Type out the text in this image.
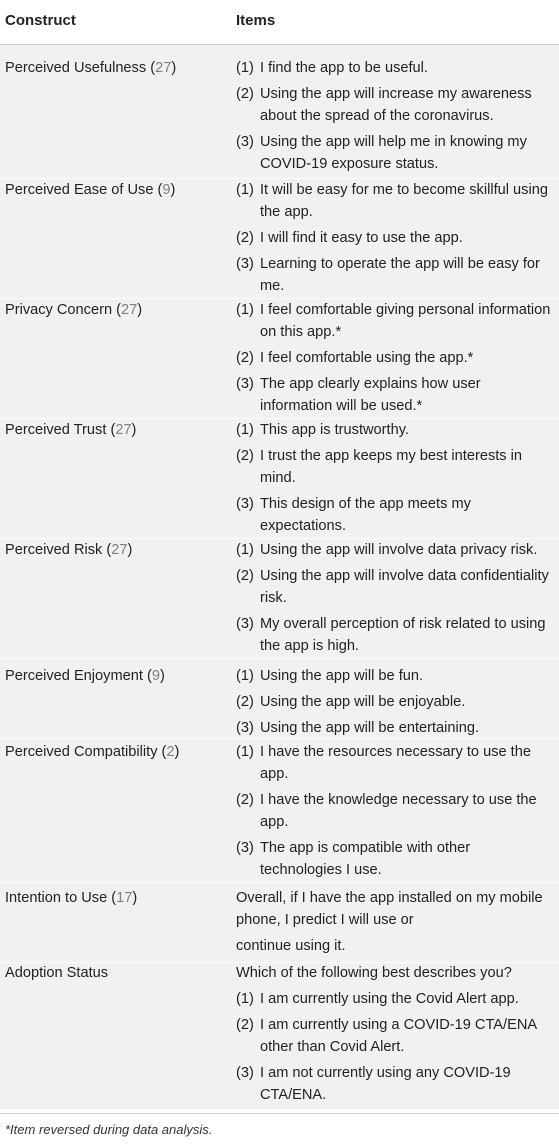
Construct	Items
Perceived Usefulness (27)	(1) I find the app to be useful.
(2) Using the app will increase my awareness about the spread of the coronavirus.
(3) Using the app will help me in knowing my COVID-19 exposure status.
Perceived Ease of Use (9)	(1) It will be easy for me to become skillful using the app.
(2) I will find it easy to use the app.
(3) Learning to operate the app will be easy for me.
Privacy Concern (27)	(1) I feel comfortable giving personal information on this app.*
(2) I feel comfortable using the app.*
(3) The app clearly explains how user information will be used.*
Perceived Trust (27)	(1) This app is trustworthy.
(2) I trust the app keeps my best interests in mind.
(3) This design of the app meets my expectations.
Perceived Risk (27)	(1) Using the app will involve data privacy risk.
(2) Using the app will involve data confidentiality risk.
(3) My overall perception of risk related to using the app is high.
Perceived Enjoyment (9)	(1) Using the app will be fun.
(2) Using the app will be enjoyable.
(3) Using the app will be entertaining.
Perceived Compatibility (2)	(1) I have the resources necessary to use the app.
(2) I have the knowledge necessary to use the app.
(3) The app is compatible with other technologies I use.
Intention to Use (17)	Overall, if I have the app installed on my mobile phone, I predict I will use or
continue using it.
Adoption Status	Which of the following best describes you?
(1) I am currently using the Covid Alert app.
(2) I am currently using a COVID-19 CTA/ENA other than Covid Alert.
(3) I am not currently using any COVID-19 CTA/ENA.
*Item reversed during data analysis.
